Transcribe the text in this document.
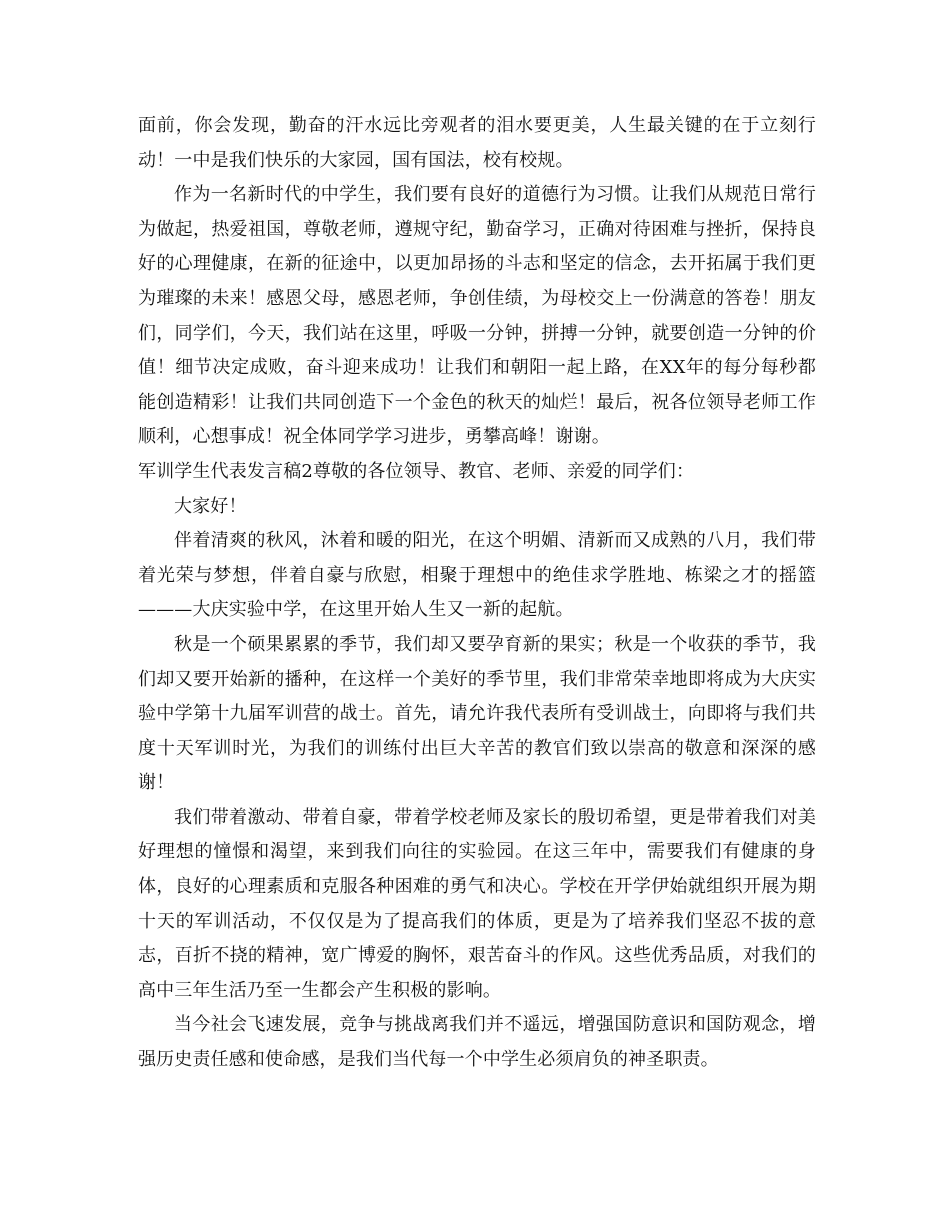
面前，你会发现，勤奋的汗水远比旁观者的泪水要更美，人生最关键的在于立刻行动！一中是我们快乐的大家园，国有国法，校有校规。

作为一名新时代的中学生，我们要有良好的道德行为习惯。让我们从规范日常行为做起，热爱祖国，尊敬老师，遵规守纪，勤奋学习，正确对待困难与挫折，保持良好的心理健康，在新的征途中，以更加昂扬的斗志和坚定的信念，去开拓属于我们更为璀璨的未来！感恩父母，感恩老师，争创佳绩，为母校交上一份满意的答卷！朋友们，同学们，今天，我们站在这里，呼吸一分钟，拼搏一分钟，就要创造一分钟的价值！细节决定成败，奋斗迎来成功！让我们和朝阳一起上路，在XX年的每分每秒都能创造精彩！让我们共同创造下一个金色的秋天的灿烂！最后，祝各位领导老师工作顺利，心想事成！祝全体同学学习进步，勇攀高峰！谢谢。

军训学生代表发言稿2尊敬的各位领导、教官、老师、亲爱的同学们：

大家好！

伴着清爽的秋风，沐着和暖的阳光，在这个明媚、清新而又成熟的八月，我们带着光荣与梦想，伴着自豪与欣慰，相聚于理想中的绝佳求学胜地、栋梁之才的摇篮———大庆实验中学，在这里开始人生又一新的起航。

秋是一个硕果累累的季节，我们却又要孕育新的果实；秋是一个收获的季节，我们却又要开始新的播种，在这样一个美好的季节里，我们非常荣幸地即将成为大庆实验中学第十九届军训营的战士。首先，请允许我代表所有受训战士，向即将与我们共度十天军训时光，为我们的训练付出巨大辛苦的教官们致以崇高的敬意和深深的感谢！

我们带着激动、带着自豪，带着学校老师及家长的殷切希望，更是带着我们对美好理想的憧憬和渴望，来到我们向往的实验园。在这三年中，需要我们有健康的身体，良好的心理素质和克服各种困难的勇气和决心。学校在开学伊始就组织开展为期十天的军训活动，不仅仅是为了提高我们的体质，更是为了培养我们坚忍不拔的意志，百折不挠的精神，宽广博爱的胸怀，艰苦奋斗的作风。这些优秀品质，对我们的高中三年生活乃至一生都会产生积极的影响。

当今社会飞速发展，竞争与挑战离我们并不遥远，增强国防意识和国防观念，增强历史责任感和使命感，是我们当代每一个中学生必须肩负的神圣职责。
